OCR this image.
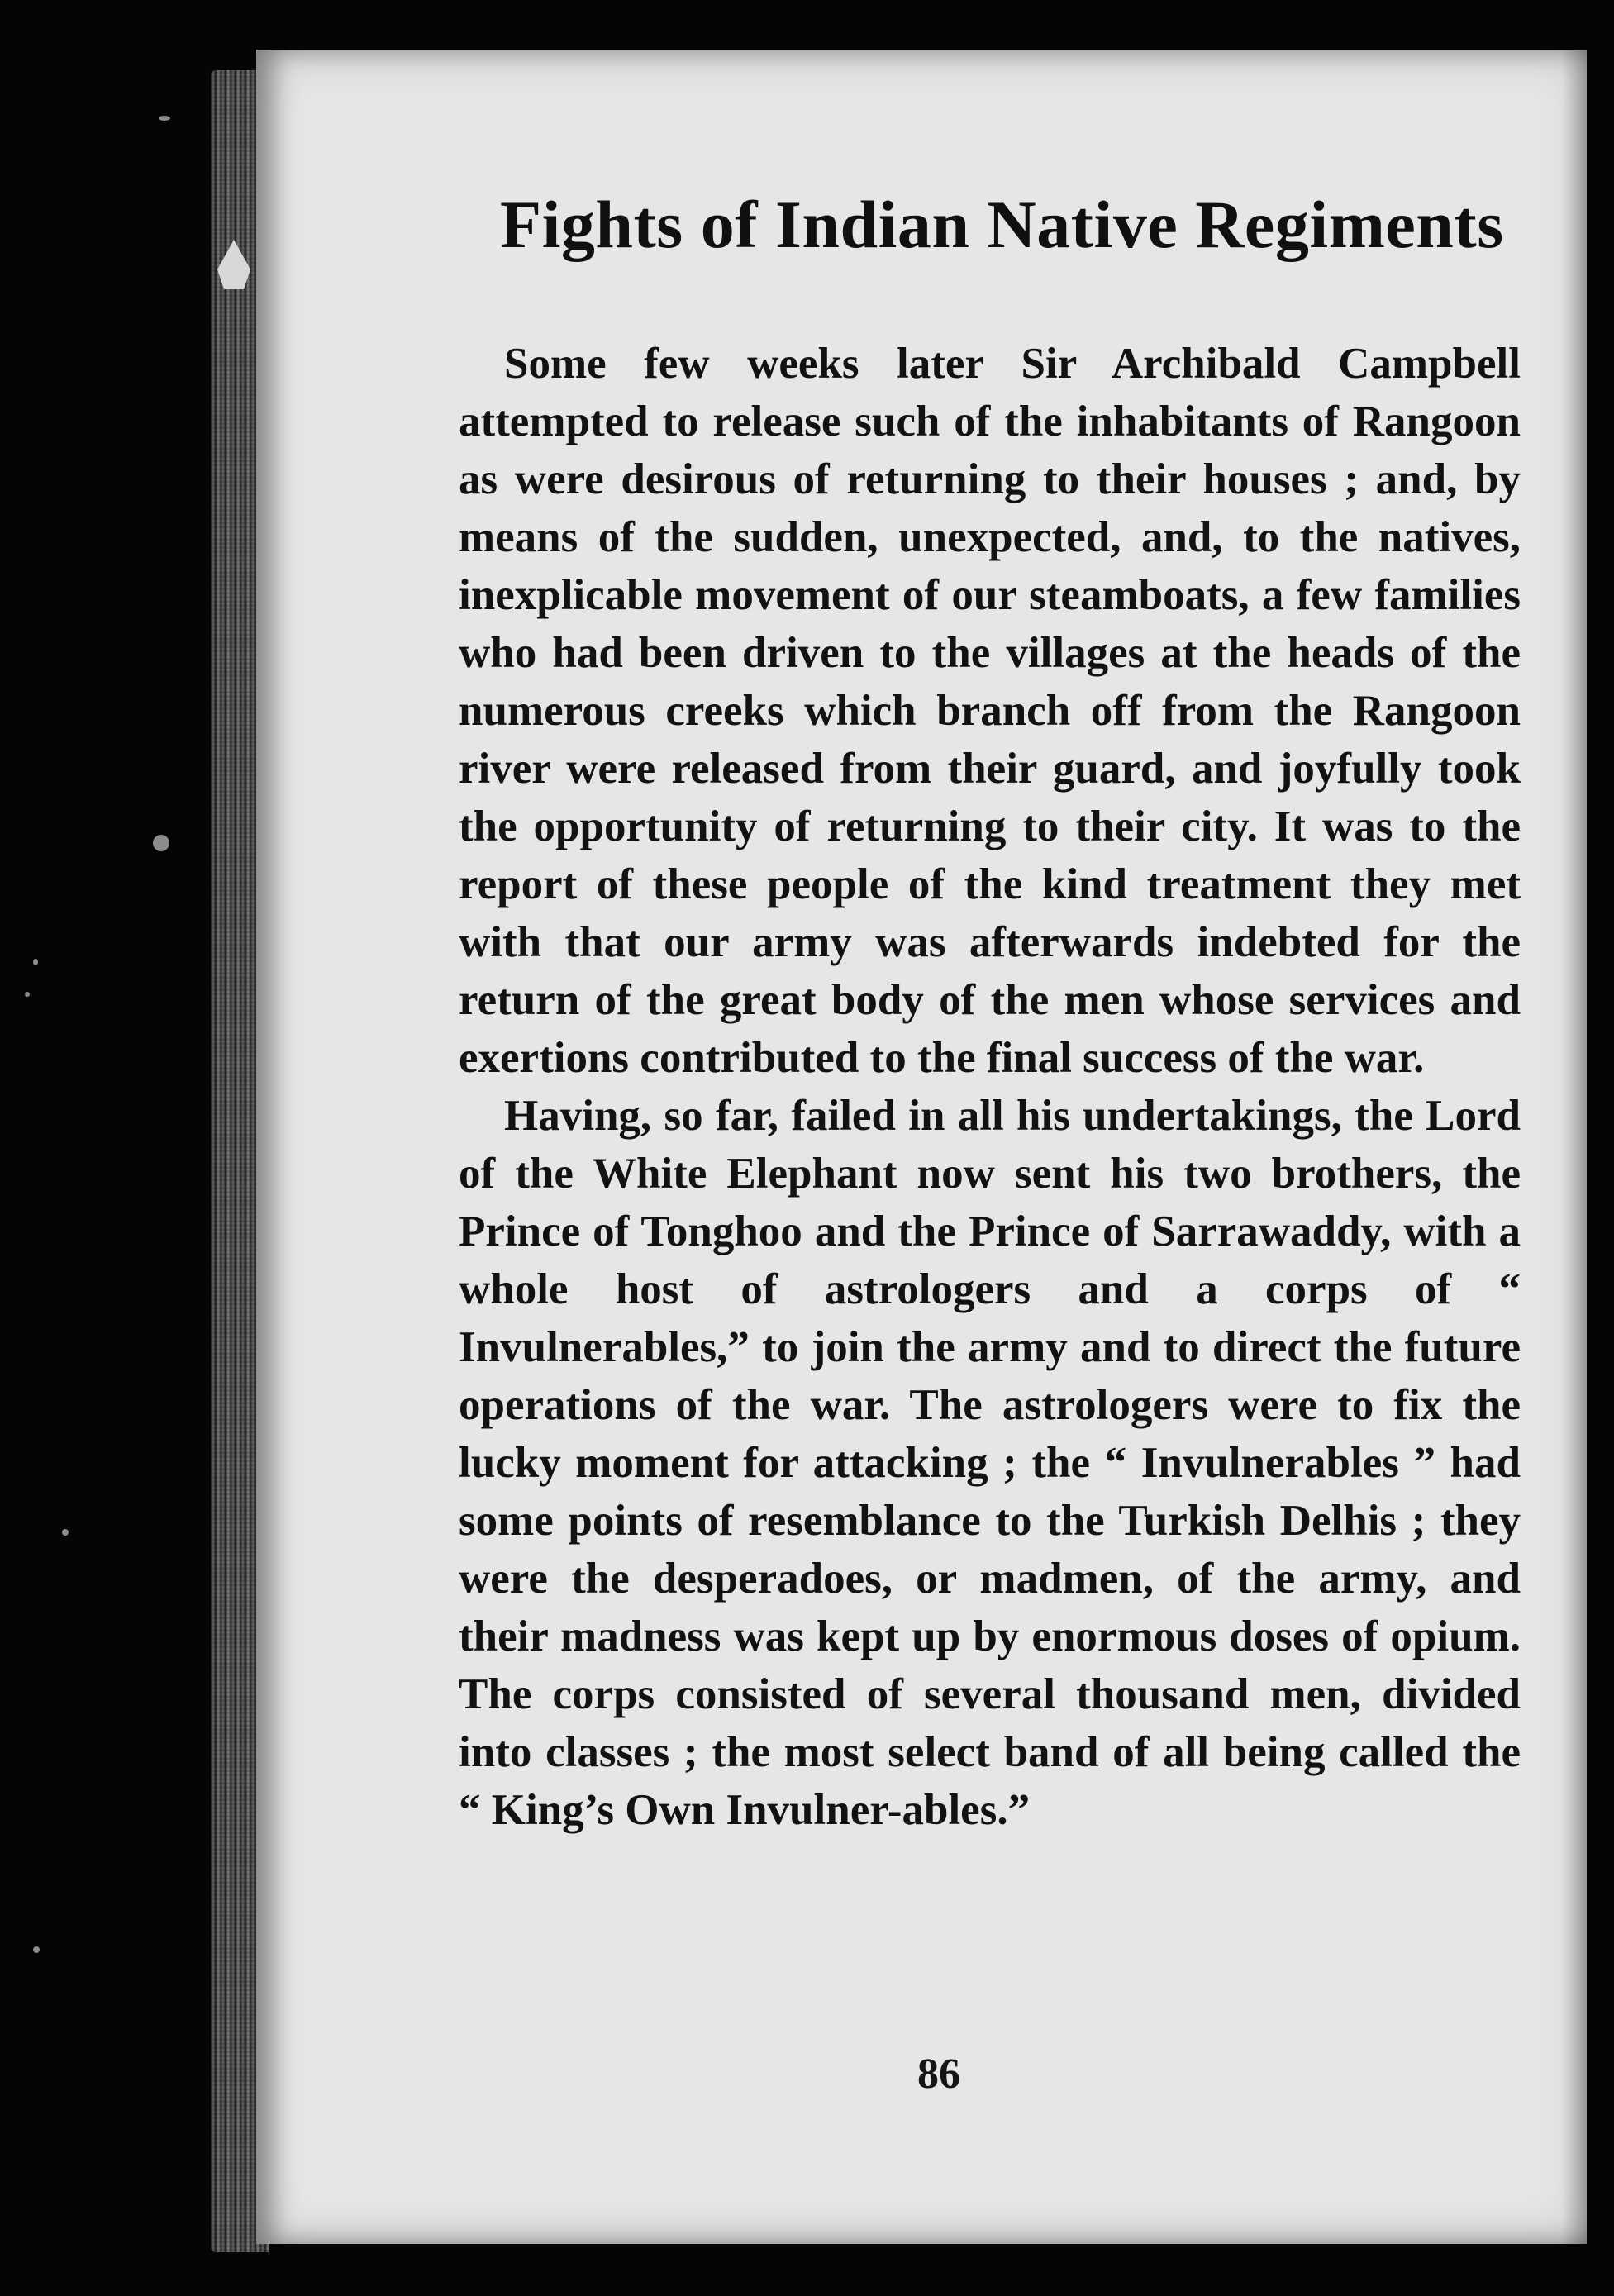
Fights of Indian Native Regiments

Some few weeks later Sir Archibald Campbell attempted to release such of the inhabitants of Rangoon as were desirous of returning to their houses ; and, by means of the sudden, unexpected, and, to the natives, inexplicable movement of our steamboats, a few families who had been driven to the villages at the heads of the numerous creeks which branch off from the Rangoon river were released from their guard, and joyfully took the opportunity of returning to their city. It was to the report of these people of the kind treatment they met with that our army was afterwards indebted for the return of the great body of the men whose services and exertions contributed to the final success of the war.

Having, so far, failed in all his undertakings, the Lord of the White Elephant now sent his two brothers, the Prince of Tonghoo and the Prince of Sarrawaddy, with a whole host of astrologers and a corps of “ Invulnerables,” to join the army and to direct the future operations of the war. The astrologers were to fix the lucky moment for attacking ; the “ Invulnerables ” had some points of resemblance to the Turkish Delhis ; they were the desperadoes, or madmen, of the army, and their madness was kept up by enormous doses of opium. The corps consisted of several thousand men, divided into classes ; the most select band of all being called the “ King’s Own Invulner-ables.”

86
